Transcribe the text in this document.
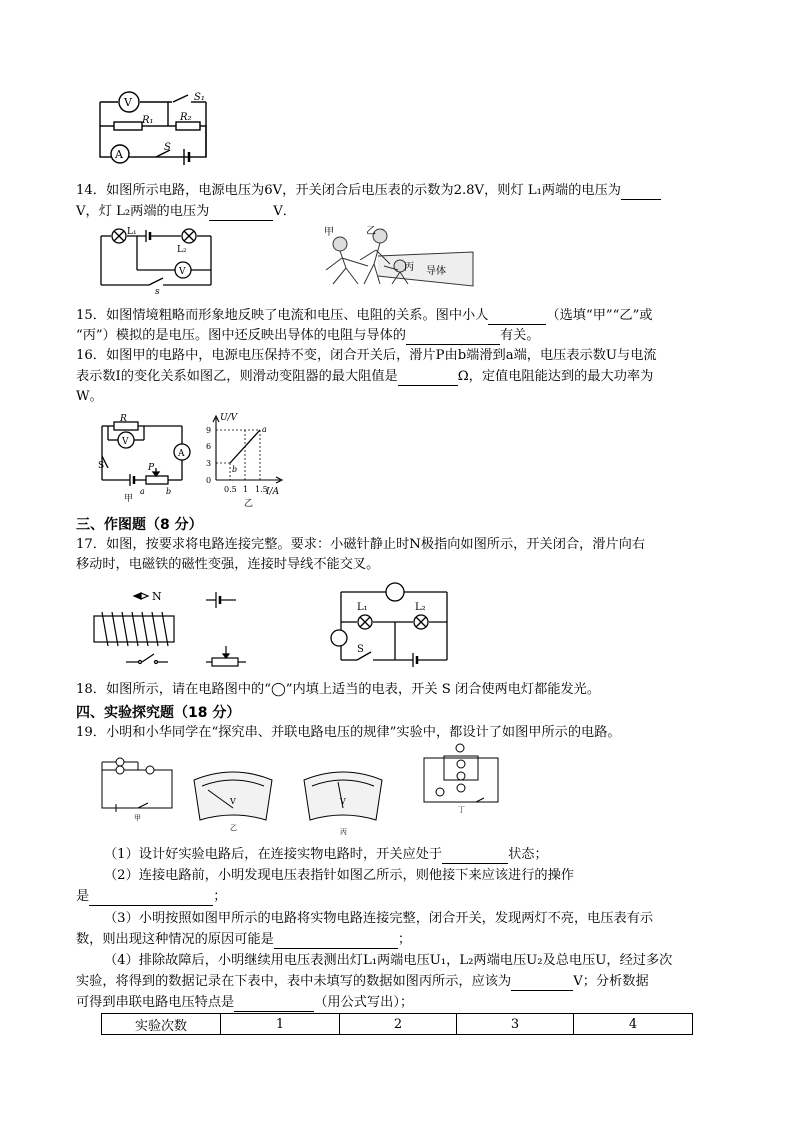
V
A
R₁	R₂
S₁
S
14．如图所示电路，电源电压为6V，开关闭合后电压表的示数为2.8V，则灯 L₁两端的电压为
V，灯 L₂两端的电压为	V．
L₁
L₂
V
s
甲	乙
丙 导体
15．如图情境粗略而形象地反映了电流和电压、电阻的关系。图中小人	（选填“甲”“乙”或
“丙”）模拟的是电压。图中还反映出导体的电阻与导体的	有关。
16．如图甲的电路中，电源电压保持不变，闭合开关后，滑片P由b端滑到a端，电压表示数U与电流
表示数I的变化关系如图乙，则滑动变阻器的最大阻值是	Ω，定值电阻能达到的最大功率为
W。
R
V
A
S	P
a	b
甲
U/V
I/A
9
6
3
0
0.5 1 1.5
a
b
乙
三、作图题（8 分）
17．如图，按要求将电路连接完整。要求：小磁针静止时N极指向如图所示，开关闭合，滑片向右
移动时，电磁铁的磁性变强，连接时导线不能交叉。
N
L₁	L₂
S
18．如图所示，请在电路图中的“◯”内填上适当的电表，开关 S 闭合使两电灯都能发光。
四、实验探究题（18 分）
19．小明和小华同学在“探究串、并联电路电压的规律”实验中，都设计了如图甲所示的电路。
甲
V
乙
V
丙
丁
（1）设计好实验电路后，在连接实物电路时，开关应处于	状态；
（2）连接电路前，小明发现电压表指针如图乙所示，则他接下来应该进行的操作
是	；
（3）小明按照如图甲所示的电路将实物电路连接完整，闭合开关，发现两灯不亮，电压表有示
数，则出现这种情况的原因可能是	；
（4）排除故障后，小明继续用电压表测出灯L₁两端电压U₁，L₂两端电压U₂及总电压U，经过多次
实验，将得到的数据记录在下表中，表中未填写的数据如图丙所示，应该为	V；分析数据
可得到串联电路电压特点是	（用公式写出）；
实验次数	1	2	3	4
